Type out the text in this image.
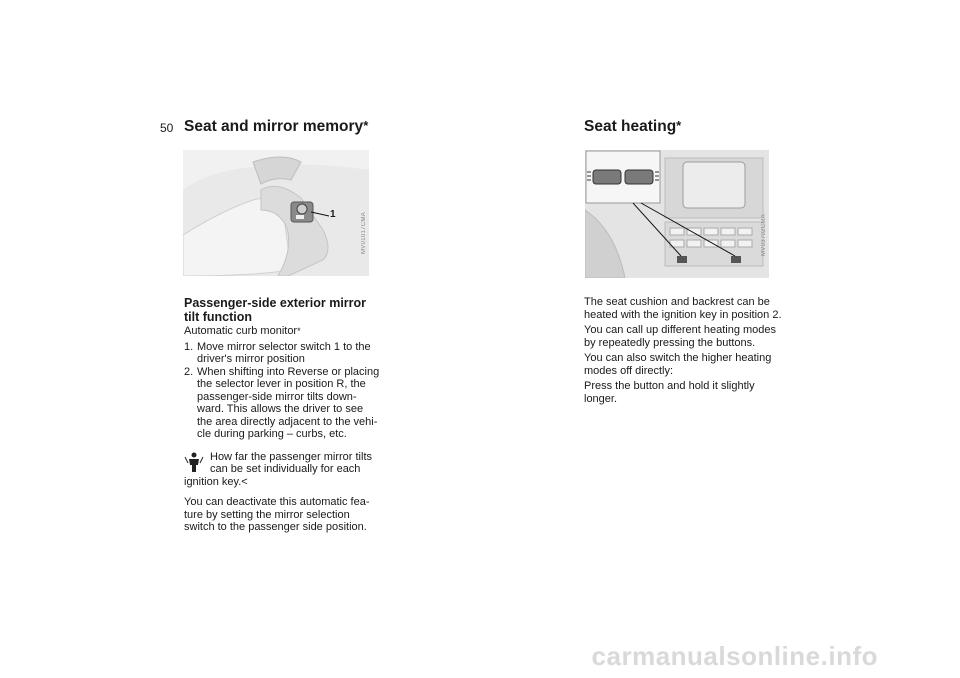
50 Seat and mirror memory*	Seat heating*
1	MV01017CMA	MV03702CMA
Passenger-side exterior mirror tilt function

Automatic curb monitor*

1. Move mirror selector switch 1 to the driver's mirror position
2. When shifting into Reverse or placing the selector lever in position R, the passenger-side mirror tilts down-ward. This allows the driver to see the area directly adjacent to the vehi-cle during parking – curbs, etc.
How far the passenger mirror tilts can be set individually for each ignition key.<

You can deactivate this automatic fea-ture by setting the mirror selection switch to the passenger side position.

The seat cushion and backrest can be heated with the ignition key in position 2.

You can call up different heating modes by repeatedly pressing the buttons.

You can also switch the higher heating modes off directly:

Press the button and hold it slightly longer.

carmanualsonline.info
